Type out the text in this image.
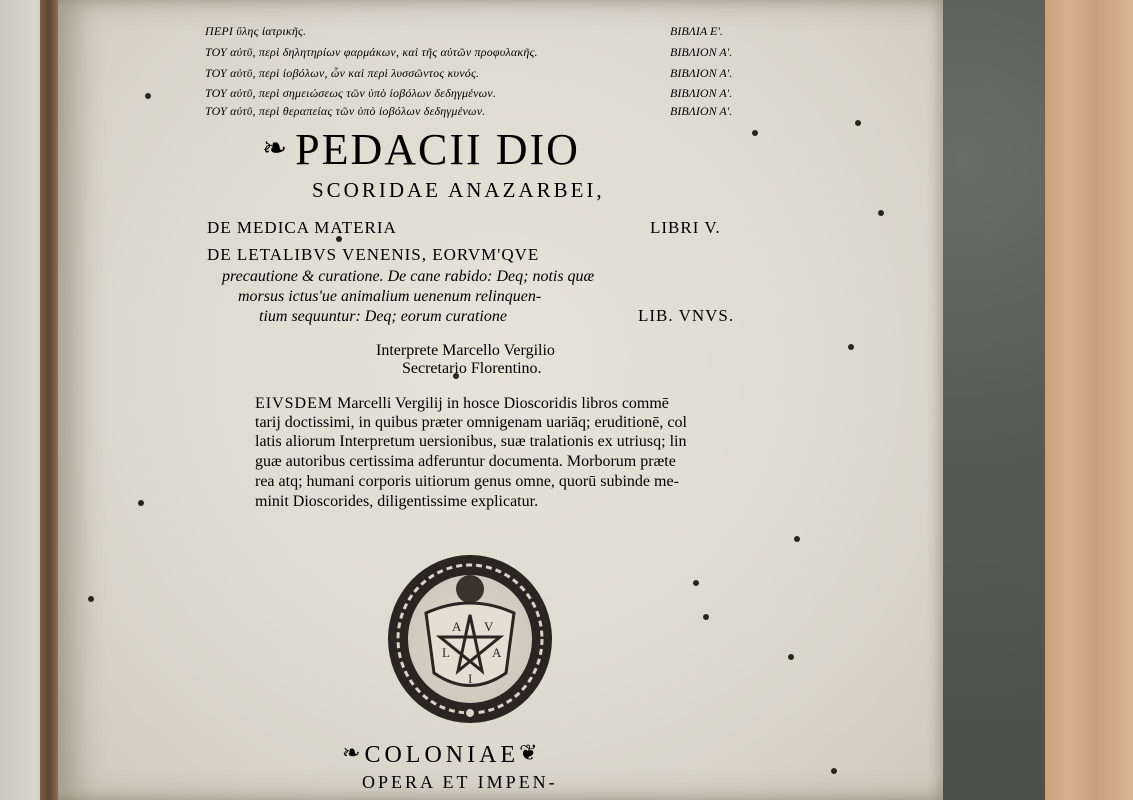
ΠΕΡΙ ὕλης ἰατρικῆς.	ΒΙΒΛΙΑ Ε'.
ΤΟΥ αὐτῦ, περὶ δηλητηρίων φαρμάκων, καὶ τῆς αὐτῶν προφυλακῆς.	ΒΙΒΛΙΟΝ Α'.
ΤΟΥ αὐτῦ, περὶ ἰοβόλων, ὧν καὶ περὶ λυσσῶντος κυνός.	ΒΙΒΛΙΟΝ Α'.
ΤΟΥ αὐτῦ, περὶ σημειώσεως τῶν ὑπὸ ἰοβόλων δεδηγμένων.	ΒΙΒΛΙΟΝ Α'.
ΤΟΥ αὐτῦ, περὶ θεραπείας τῶν ὑπὸ ἰοβόλων δεδηγμένων.	ΒΙΒΛΙΟΝ Α'.
❧ PEDACII DIO
SCORIDAE ANAZARBEI,
DE MEDICA MATERIA	LIBRI V.
DE LETALIBVS VENENIS, EORVM'QVE
precautione & curatione. De cane rabido: Deq; notis quæ
morsus ictus'ue animalium uenenum relinquen-
tium sequuntur: Deq; eorum curatione	LIB. VNVS.
Interprete Marcello Vergilio
Secretario Florentino.
EIVSDEM Marcelli Vergilij in hosce Dioscoridis libros commē
tarij doctissimi, in quibus præter omnigenam uariāq; eruditionē, col
latis aliorum Interpretum uersionibus, suæ tralationis ex utriusq; lin
guæ autoribus certissima adferuntur documenta. Morborum præte
rea atq; humani corporis uitiorum genus omne, quorū subinde me-
minit Dioscorides, diligentissime explicatur.
A V
L	A
I
❧COLONIAE❦
OPERA ET IMPEN-
